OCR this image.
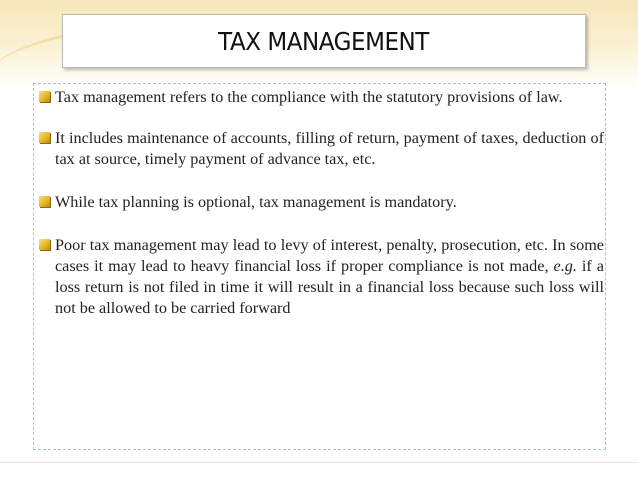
TAX MANAGEMENT
Tax management refers to the compliance with the statutory provisions of law.
It includes maintenance of accounts, filling of return, payment of taxes, deduction of tax at source, timely payment of advance tax, etc.
While tax planning is optional, tax management is mandatory.
Poor tax management may lead to levy of interest, penalty, prosecution, etc. In some cases it may lead to heavy financial loss if proper compliance is not made, e.g. if a loss return is not filed in time it will result in a financial loss because such loss will not be allowed to be carried forward
